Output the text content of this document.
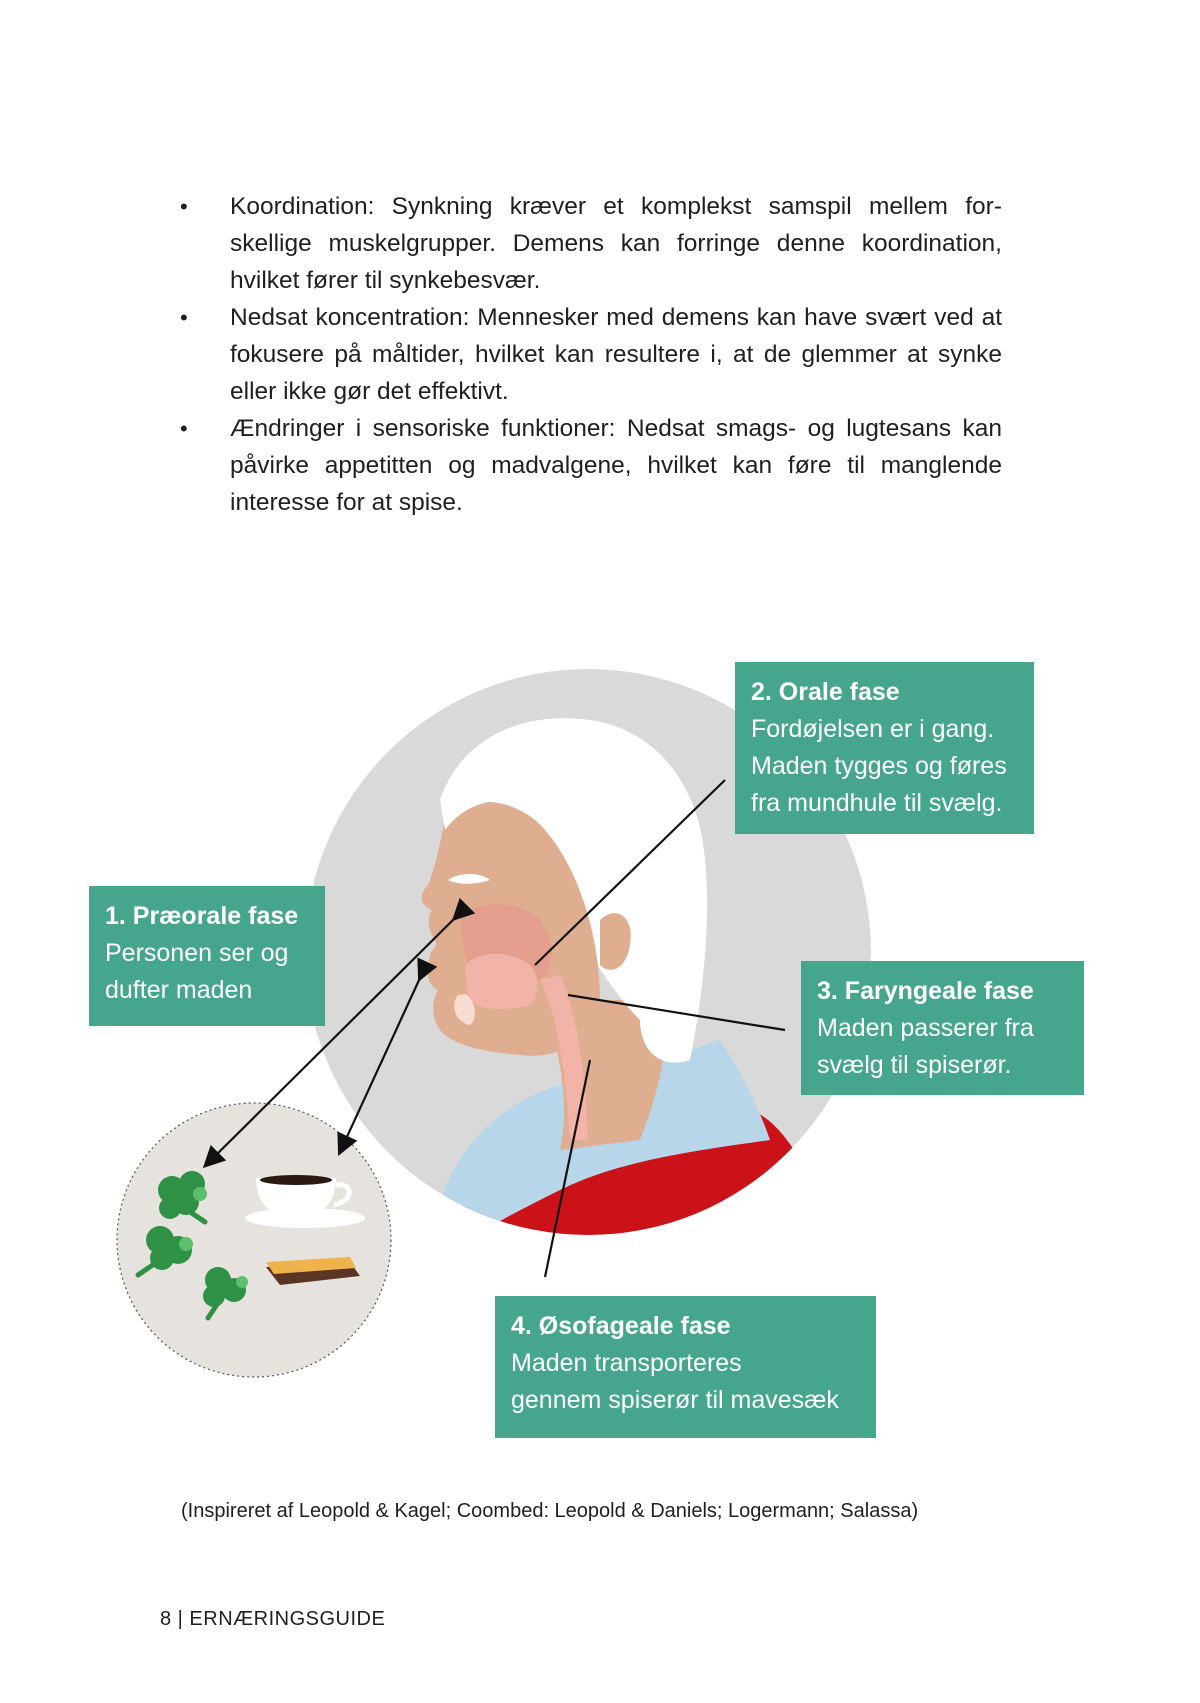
• Koordination: Synkning kræver et komplekst samspil mellem forskellige muskelgrupper. Demens kan forringe denne koordination, hvilket fører til synkebesvær.
• Nedsat koncentration: Mennesker med demens kan have svært ved at fokusere på måltider, hvilket kan resultere i, at de glemmer at synke eller ikke gør det effektivt.
• Ændringer i sensoriske funktioner: Nedsat smags- og lugtesans kan påvirke appetitten og madvalgene, hvilket kan føre til manglende interesse for at spise.
1. Præorale fase
Personen ser og
dufter maden
2. Orale fase
Fordøjelsen er i gang.
Maden tygges og føres
fra mundhule til svælg.
3. Faryngeale fase
Maden passerer fra
svælg til spiserør.
4. Øsofageale fase
Maden transporteres
gennem spiserør til mavesæk
(Inspireret af Leopold & Kagel; Coombed: Leopold & Daniels; Logermann; Salassa)
8 | ERNÆRINGSGUIDE
